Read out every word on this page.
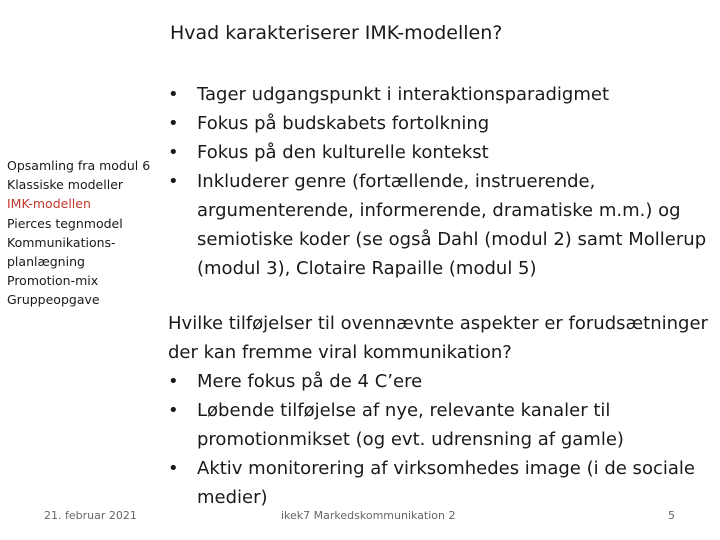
Hvad karakteriserer IMK-modellen?
Opsamling fra modul 6
Klassiske modeller
IMK-modellen
Pierces tegnmodel
Kommunikations-
planlægning
Promotion-mix
Gruppeopgave
• Tager udgangspunkt i interaktionsparadigmet
• Fokus på budskabets fortolkning
• Fokus på den kulturelle kontekst
• Inkluderer genre (fortællende, instruerende, argumenterende, informerende, dramatiske m.m.) og semiotiske koder (se også Dahl (modul 2) samt Mollerup (modul 3), Clotaire Rapaille (modul 5)
Hvilke tilføjelser til ovennævnte aspekter er forudsætninger der kan fremme viral kommunikation?
• Mere fokus på de 4 C’ere
• Løbende tilføjelse af nye, relevante kanaler til promotionmikset (og evt. udrensning af gamle)
• Aktiv monitorering af virksomhedes image (i de sociale medier)
21. februar 2021	ikek7 Markedskommunikation 2	5
